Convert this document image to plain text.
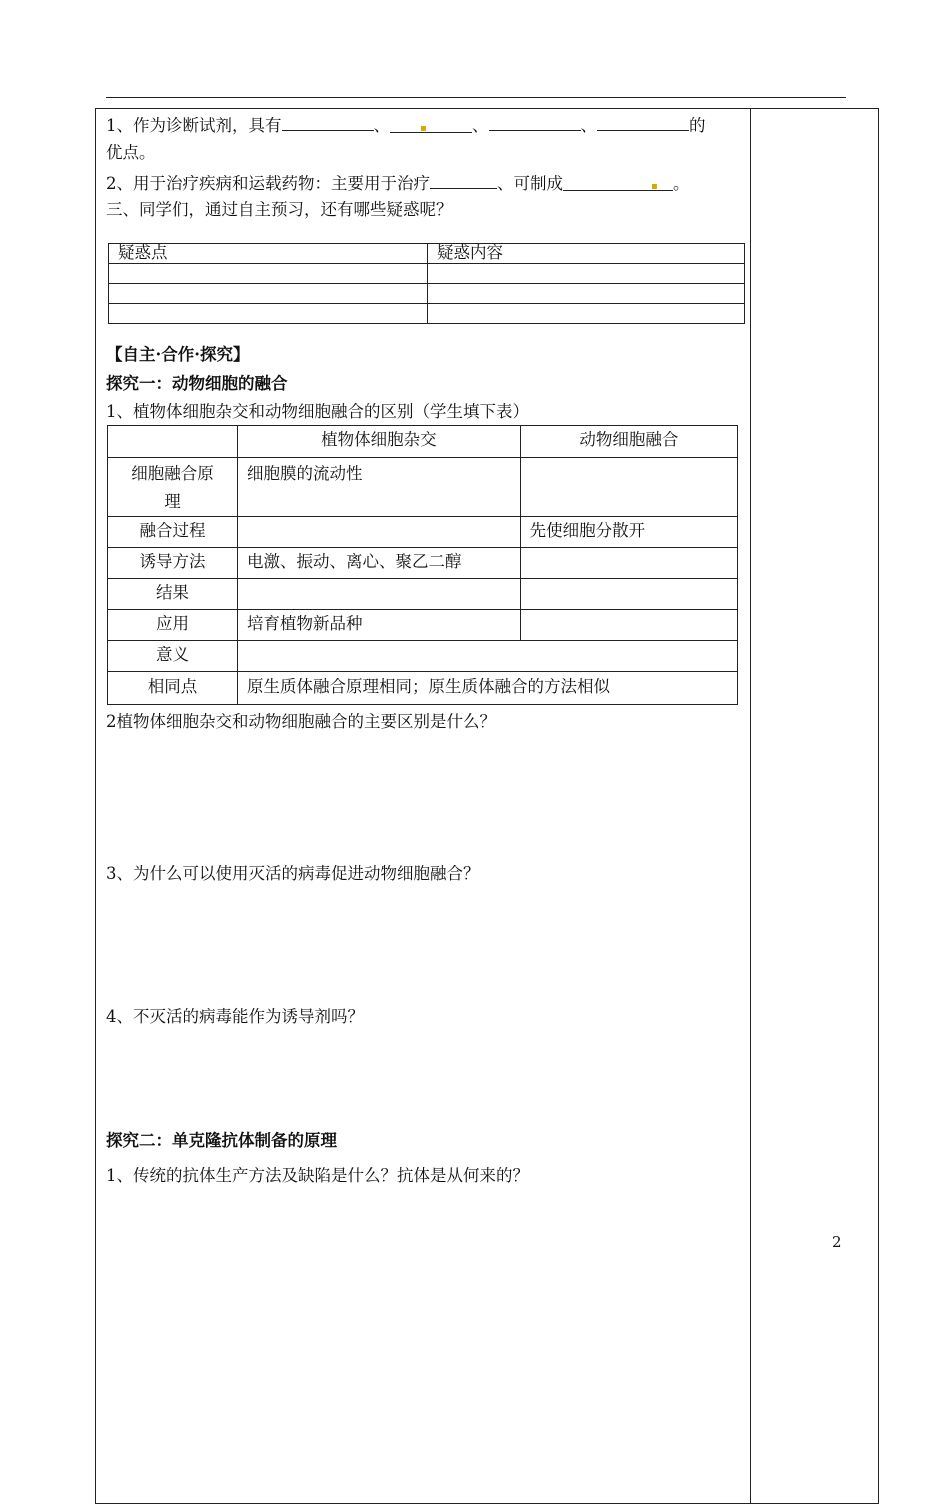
1、作为诊断试剂，具有	、	▪	、	、	的
优点。
2、用于治疗疾病和运载药物：主要用于治疗	、可制成	▪ 。
三、同学们，通过自主预习，还有哪些疑惑呢？
疑惑点	疑惑内容

【自主·合作·探究】
探究一：动物细胞的融合
1、植物体细胞杂交和动物细胞融合的区别（学生填下表）
	植物体细胞杂交	动物细胞融合

细胞融合原
理	细胞膜的流动性	
融合过程		先使细胞分散开
诱导方法	电激、振动、离心、聚乙二醇	
结果		
应用	培育植物新品种	
意义		
相同点	原生质体融合原理相同；原生质体融合的方法相似	
2植物体细胞杂交和动物细胞融合的主要区别是什么？
3、为什么可以使用灭活的病毒促进动物细胞融合？
4、不灭活的病毒能作为诱导剂吗？
探究二：单克隆抗体制备的原理
1、传统的抗体生产方法及缺陷是什么？抗体是从何来的？
2
